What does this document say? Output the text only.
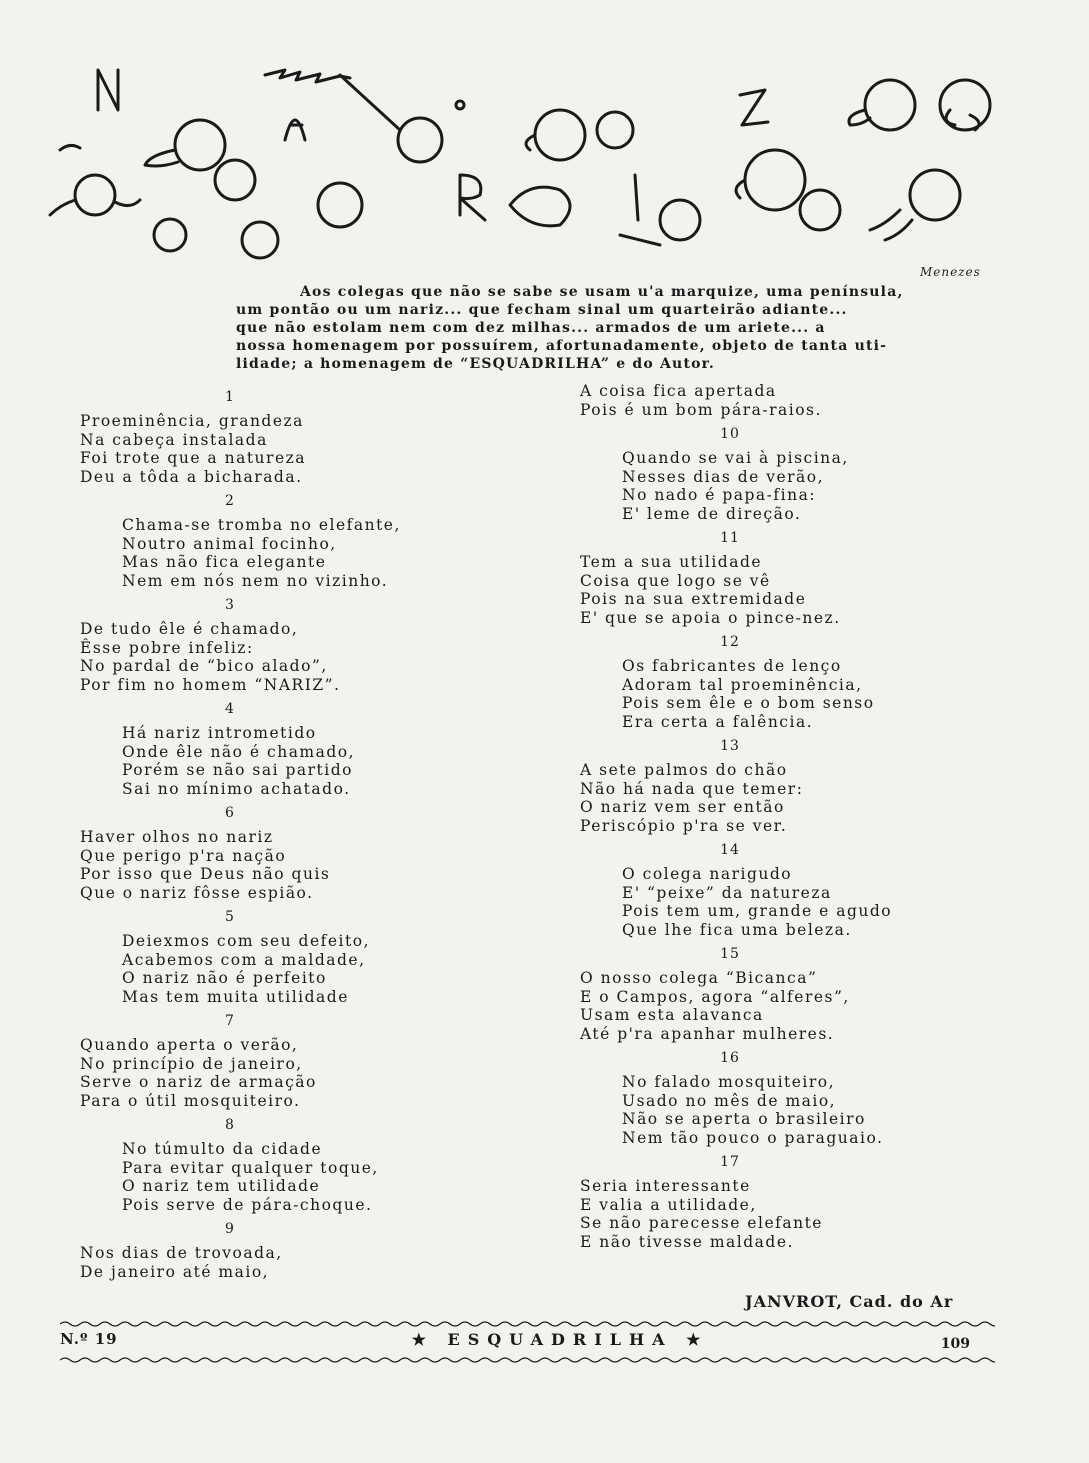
N
Menezes

Aos colegas que não se sabe se usam u'a marquize, uma península,

um pontão ou um nariz... que fecham sinal um quarteirão adiante...

que não estolam nem com dez milhas... armados de um ariete... a

nossa homenagem por possuírem, afortunadamente, objeto de tanta uti-

lidade; a homenagem de “ESQUADRILHA” e do Autor.

1
Proeminência, grandeza
Na cabeça instalada
Foi trote que a natureza
Deu a tôda a bicharada.
2
Chama-se tromba no elefante,
Noutro animal focinho,
Mas não fica elegante
Nem em nós nem no vizinho.
3
De tudo êle é chamado,
Êsse pobre infeliz:
No pardal de “bico alado”,
Por fim no homem “NARIZ”.
4
Há nariz intrometido
Onde êle não é chamado,
Porém se não sai partido
Sai no mínimo achatado.
6
Haver olhos no nariz
Que perigo p'ra nação
Por isso que Deus não quis
Que o nariz fôsse espião.
5
Deiexmos com seu defeito,
Acabemos com a maldade,
O nariz não é perfeito
Mas tem muita utilidade
7
Quando aperta o verão,
No princípio de janeiro,
Serve o nariz de armação
Para o útil mosquiteiro.
8
No túmulto da cidade
Para evitar qualquer toque,
O nariz tem utilidade
Pois serve de pára-choque.
9
Nos dias de trovoada,
De janeiro até maio,
A coisa fica apertada
Pois é um bom pára-raios.
10
Quando se vai à piscina,
Nesses dias de verão,
No nado é papa-fina:
E' leme de direção.
11
Tem a sua utilidade
Coisa que logo se vê
Pois na sua extremidade
E' que se apoia o pince-nez.
12
Os fabricantes de lenço
Adoram tal proeminência,
Pois sem êle e o bom senso
Era certa a falência.
13
A sete palmos do chão
Não há nada que temer:
O nariz vem ser então
Periscópio p'ra se ver.
14
O colega narigudo
E' “peixe” da natureza
Pois tem um, grande e agudo
Que lhe fica uma beleza.
15
O nosso colega “Bicanca”
E o Campos, agora “alferes”,
Usam esta alavanca
Até p'ra apanhar mulheres.
16
No falado mosquiteiro,
Usado no mês de maio,
Não se aperta o brasileiro
Nem tão pouco o paraguaio.
17
Seria interessante
E valia a utilidade,
Se não parecesse elefante
E não tivesse maldade.
JANVROT, Cad. do Ar
N.º 19	★ ESQUADRILHA ★	109
